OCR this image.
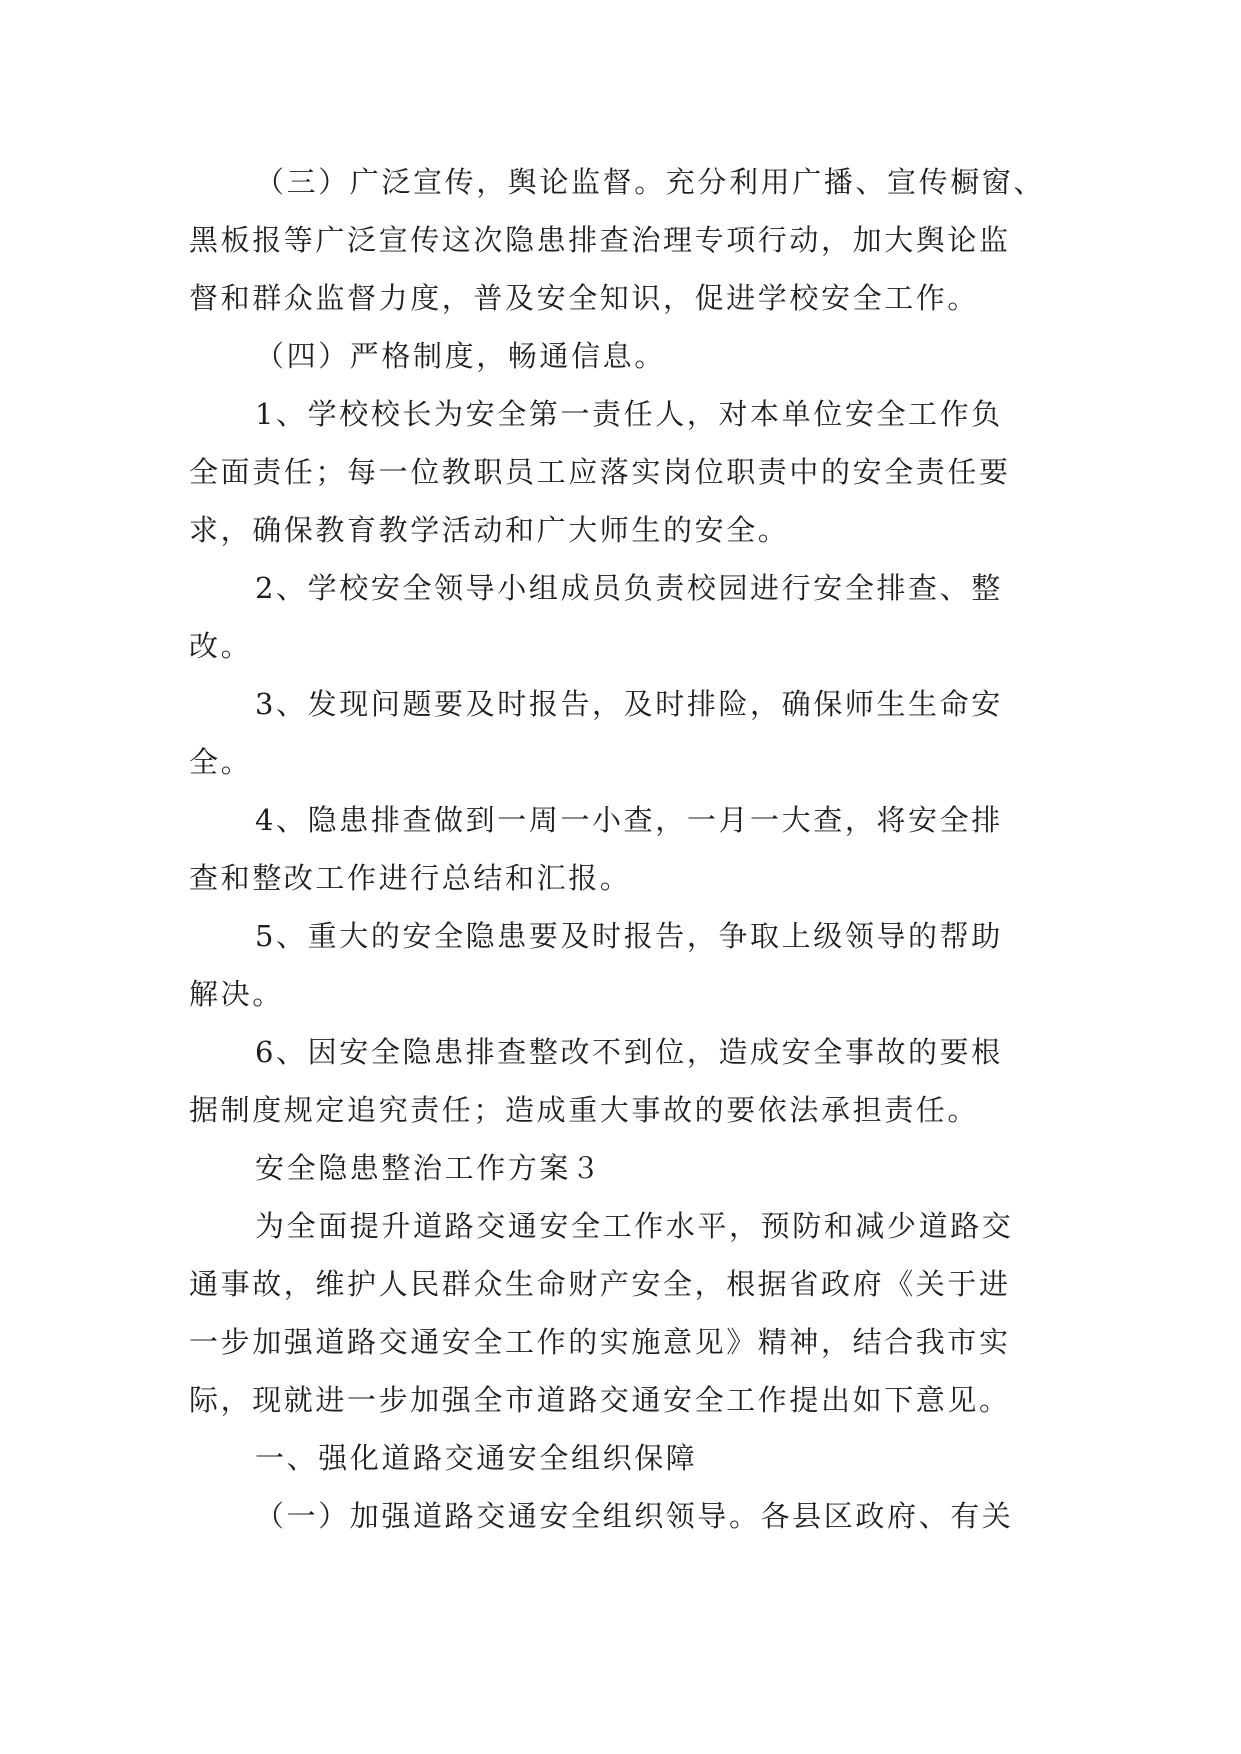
（三）广泛宣传，舆论监督。充分利用广播、宣传橱窗、
黑板报等广泛宣传这次隐患排查治理专项行动，加大舆论监
督和群众监督力度，普及安全知识，促进学校安全工作。
（四）严格制度，畅通信息。
1、学校校长为安全第一责任人，对本单位安全工作负
全面责任；每一位教职员工应落实岗位职责中的安全责任要
求，确保教育教学活动和广大师生的安全。
2、学校安全领导小组成员负责校园进行安全排查、整
改。
3、发现问题要及时报告，及时排险，确保师生生命安
全。
4、隐患排查做到一周一小查，一月一大查，将安全排
查和整改工作进行总结和汇报。
5、重大的安全隐患要及时报告，争取上级领导的帮助
解决。
6、因安全隐患排查整改不到位，造成安全事故的要根
据制度规定追究责任；造成重大事故的要依法承担责任。
安全隐患整治工作方案３
为全面提升道路交通安全工作水平，预防和减少道路交
通事故，维护人民群众生命财产安全，根据省政府《关于进
一步加强道路交通安全工作的实施意见》精神，结合我市实
际，现就进一步加强全市道路交通安全工作提出如下意见。
一、强化道路交通安全组织保障
（一）加强道路交通安全组织领导。各县区政府、有关
